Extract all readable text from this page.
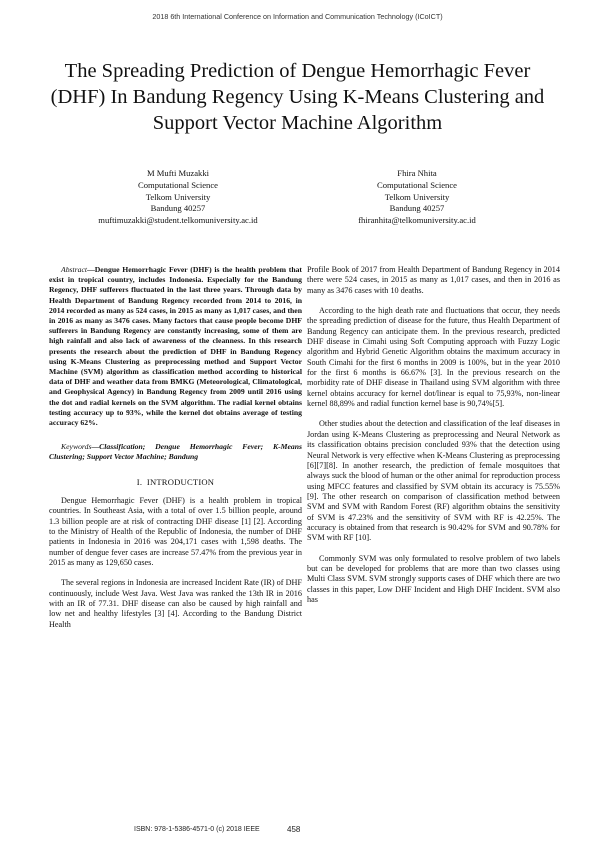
2018 6th International Conference on Information and Communication Technology (ICoICT)
The Spreading Prediction of Dengue Hemorrhagic Fever (DHF) In Bandung Regency Using K-Means Clustering and Support Vector Machine Algorithm
M Mufti Muzakki
Computational Science
Telkom University
Bandung 40257
muftimuzakki@student.telkomuniversity.ac.id
Fhira Nhita
Computational Science
Telkom University
Bandung 40257
fhiranhita@telkomuniversity.ac.id

Abstract—Dengue Hemorrhagic Fever (DHF) is the health problem that exist in tropical country, includes Indonesia. Especially for the Bandung Regency, DHF sufferers fluctuated in the last three years. Through data by Health Department of Bandung Regency recorded from 2014 to 2016, in 2014 recorded as many as 524 cases, in 2015 as many as 1,017 cases, and then in 2016 as many as 3476 cases. Many factors that cause people become DHF sufferers in Bandung Regency are constantly increasing, some of them are high rainfall and also lack of awareness of the cleanness. In this research presents the research about the prediction of DHF in Bandung Regency using K-Means Clustering as preprocessing method and Support Vector Machine (SVM) algorithm as classification method according to historical data of DHF and weather data from BMKG (Meteorological, Climatological, and Geophysical Agency) in Bandung Regency from 2009 until 2016 using the dot and radial kernels on the SVM algorithm. The radial kernel obtains testing accuracy up to 93%, while the kernel dot obtains average of testing accuracy 62%.

Keywords—Classification; Dengue Hemorrhagic Fever; K-Means Clustering; Support Vector Machine; Bandung

I. INTRODUCTION

Dengue Hemorrhagic Fever (DHF) is a health problem in tropical countries. In Southeast Asia, with a total of over 1.5 billion people, around 1.3 billion people are at risk of contracting DHF disease [1] [2]. According to the Ministry of Health of the Republic of Indonesia, the number of DHF patients in Indonesia in 2016 was 204,171 cases with 1,598 deaths. The number of dengue fever cases are increase 57.47% from the previous year in 2015 as many as 129,650 cases.

The several regions in Indonesia are increased Incident Rate (IR) of DHF continuously, include West Java. West Java was ranked the 13th IR in 2016 with an IR of 77.31. DHF disease can also be caused by high rainfall and low net and healthy lifestyles [3] [4]. According to the Bandung District Health

Profile Book of 2017 from Health Department of Bandung Regency in 2014 there were 524 cases, in 2015 as many as 1,017 cases, and then in 2016 as many as 3476 cases with 10 deaths.

According to the high death rate and fluctuations that occur, they needs the spreading prediction of disease for the future, thus Health Department of Bandung Regency can anticipate them. In the previous research, predicted DHF disease in Cimahi using Soft Computing approach with Fuzzy Logic algorithm and Hybrid Genetic Algorithm obtains the maximum accuracy in South Cimahi for the first 6 months in 2009 is 100%, but in the year 2010 for the first 6 months is 66.67% [3]. In the previous research on the morbidity rate of DHF disease in Thailand using SVM algorithm with three kernel obtains accuracy for kernel dot/linear is equal to 75,93%, non-linear kernel 88,89% and radial function kernel base is 90,74%[5].

Other studies about the detection and classification of the leaf diseases in Jordan using K-Means Clustering as preprocessing and Neural Network as its classification obtains precision concluded 93% that the detection using Neural Network is very effective when K-Means Clustering as preprocessing [6][7][8]. In another research, the prediction of female mosquitoes that always suck the blood of human or the other animal for reproduction process using MFCC features and classified by SVM obtain its accuracy is 75.55% [9]. The other research on comparison of classification method between SVM and SVM with Random Forest (RF) algorithm obtains the sensitivity of SVM is 47.23% and the sensitivity of SVM with RF is 42.25%. The accuracy is obtained from that research is 90.42% for SVM and 90.78% for SVM with RF [10].

Commonly SVM was only formulated to resolve problem of two labels but can be developed for problems that are more than two classes using Multi Class SVM. SVM strongly supports cases of DHF which there are two classes in this paper, Low DHF Incident and High DHF Incident. SVM also has

ISBN: 978-1-5386-4571-0 (c) 2018 IEEE	458
